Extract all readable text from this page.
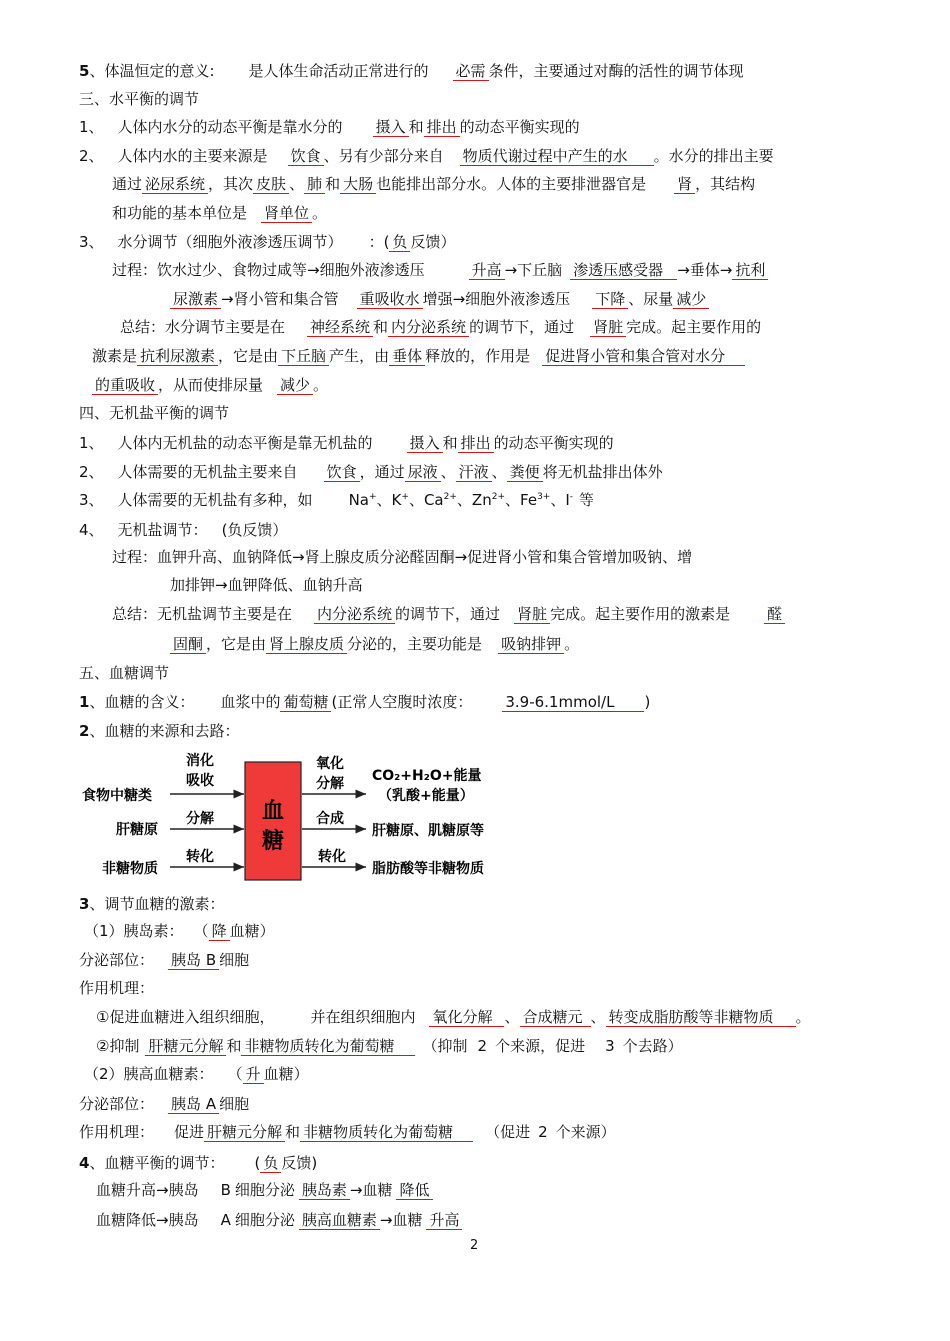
5、体温恒定的意义: 是人体生命活动正常进行的 必需 条件，主要通过对酶的活性的调节体现
三、水平衡的调节
1、 人体内水分的动态平衡是靠水分的 摄入 和 排出 的动态平衡实现的
2、 人体内水的主要来源是 饮食 、另有少部分来自 物质代谢过程中产生的水 。水分的排出主要
通过 泌尿系统 ，其次 皮肤 、 肺 和 大肠 也能排出部分水。人体的主要排泄器官是 肾 ，其结构
和功能的基本单位是 肾单位 。
3、 水分调节（细胞外液渗透压调节） ：( 负 反馈）
过程：饮水过少、食物过咸等→细胞外液渗透压	升高 →下丘脑 渗透压感受器 →垂体→ 抗利
尿激素 →肾小管和集合管 重吸收水 增强→细胞外液渗透压 下降 、尿量 减少
总结：水分调节主要是在 神经系统 和 内分泌系统 的调节下，通过 肾脏 完成。起主要作用的
激素是 抗利尿激素 ，它是由 下丘脑 产生，由 垂体 释放的，作用是 促进肾小管和集合管对水分
的重吸收 ，从而使排尿量 减少 。
四、无机盐平衡的调节
1、 人体内无机盐的动态平衡是靠无机盐的 摄入 和 排出 的动态平衡实现的
2、 人体需要的无机盐主要来自 饮食 ，通过 尿液 、 汗液 、 粪便 将无机盐排出体外
3、 人体需要的无机盐有多种，如 Na+、K+、$Ca^{2+}$、$Zn^{2+}$、$Fe^{3+}$、I- 等
4、 无机盐调节： (负反馈）
过程：血钾升高、血钠降低→肾上腺皮质分泌醛固酮→促进肾小管和集合管增加吸钠、增
加排钾→血钾降低、血钠升高
总结：无机盐调节主要是在 内分泌系统 的调节下，通过 肾脏 完成。起主要作用的激素是 醛
固酮 ，它是由 肾上腺皮质 分泌的，主要功能是 吸钠排钾 。
五、血糖调节
1、血糖的含义： 血浆中的 葡萄糖 (正常人空腹时浓度： 3.9-6.1mmol/L )
2、血糖的来源和去路：
血
糖
食物中糖类
肝糖原
非糖物质
消化
吸收
分解
转化
氧化
分解
合成
转化
CO₂+H₂O+能量
（乳酸+能量）
肝糖原、肌糖原等
脂肪酸等非糖物质
3、调节血糖的激素：
（1）胰岛素： （ 降 血糖）
分泌部位： 胰岛 B 细胞
作用机理：
①促进血糖进入组织细胞， 并在组织细胞内 氧化分解 、 合成糖元 、 转变成脂肪酸等非糖物质 。
②抑制 肝糖元分解 和 非糖物质转化为葡萄糖 （抑制 2 个来源，促进 3 个去路）
（2）胰高血糖素： （ 升 血糖）
分泌部位： 胰岛 A 细胞
作用机理： 促进 肝糖元分解 和 非糖物质转化为葡萄糖 （促进 2 个来源）
4、血糖平衡的调节： ( 负 反馈)
血糖升高→胰岛 B 细胞分泌 胰岛素 →血糖 降低
血糖降低→胰岛 A 细胞分泌 胰高血糖素 →血糖 升高
2
